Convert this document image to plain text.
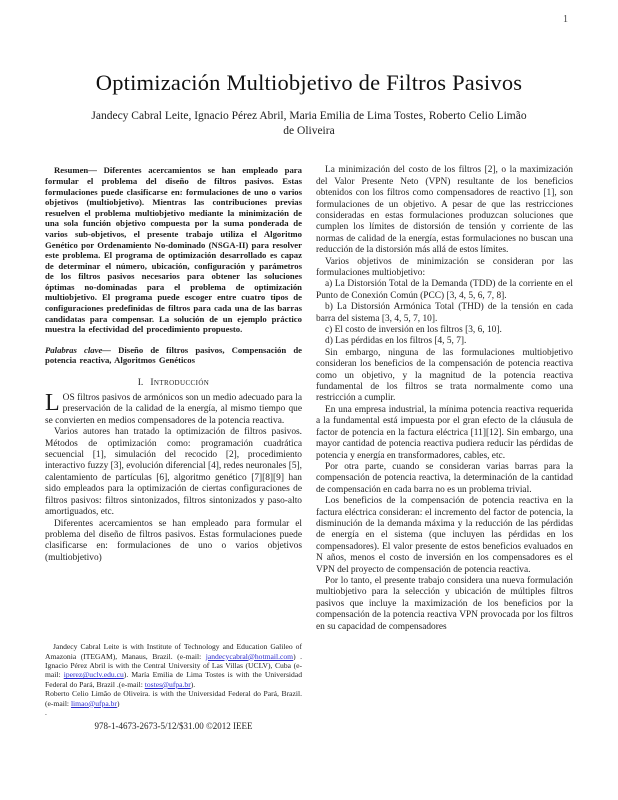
1
Optimización Multiobjetivo de Filtros Pasivos
Jandecy Cabral Leite, Ignacio Pérez Abril, Maria Emilia de Lima Tostes, Roberto Celio Limão de Oliveira

Resumen— Diferentes acercamientos se han empleado para formular el problema del diseño de filtros pasivos. Estas formulaciones puede clasificarse en: formulaciones de uno o varios objetivos (multiobjetivo). Mientras las contribuciones previas resuelven el problema multiobjetivo mediante la minimización de una sola función objetivo compuesta por la suma ponderada de varios sub-objetivos, el presente trabajo utiliza el Algoritmo Genético por Ordenamiento No-dominado (NSGA-II) para resolver este problema. El programa de optimización desarrollado es capaz de determinar el número, ubicación, configuración y parámetros de los filtros pasivos necesarios para obtener las soluciones óptimas no-dominadas para el problema de optimización multiobjetivo. El programa puede escoger entre cuatro tipos de configuraciones predefinidas de filtros para cada una de las barras candidatas para compensar. La solución de un ejemplo práctico muestra la efectividad del procedimiento propuesto.

Palabras clave— Diseño de filtros pasivos, Compensación de potencia reactiva, Algoritmos Genéticos

I. Introducción

LOS filtros pasivos de armónicos son un medio adecuado para la preservación de la calidad de la energía, al mismo tiempo que se convierten en medios compensadores de la potencia reactiva.

Varios autores han tratado la optimización de filtros pasivos. Métodos de optimización como: programación cuadrática secuencial [1], simulación del recocido [2], procedimiento interactivo fuzzy [3], evolución diferencial [4], redes neuronales [5], calentamiento de partículas [6], algoritmo genético [7][8][9] han sido empleados para la optimización de ciertas configuraciones de filtros pasivos: filtros sintonizados, filtros sintonizados y paso-alto amortiguados, etc.

Diferentes acercamientos se han empleado para formular el problema del diseño de filtros pasivos. Estas formulaciones puede clasificarse en: formulaciones de uno o varios objetivos (multiobjetivo)

Jandecy Cabral Leite is with Institute of Technology and Education Galileo of Amazonia (ITEGAM), Manaus, Brazil. (e-mail: jandecycabral@hotmail.com) . Ignacio Pérez Abril is with the Central University of Las Villas (UCLV), Cuba (e-mail: iperez@uclv.edu.cu). María Emilia de Lima Tostes is with the Universidad Federal do Pará, Brazil .(e-mail: tostes@ufpa.br).

Roberto Celio Limão de Oliveira. is with the Universidad Federal do Pará, Brazil.(e-mail: limao@ufpa.br)

.

978-1-4673-2673-5/12/$31.00 ©2012 IEEE

La minimización del costo de los filtros [2], o la maximización del Valor Presente Neto (VPN) resultante de los beneficios obtenidos con los filtros como compensadores de reactivo [1], son formulaciones de un objetivo. A pesar de que las restricciones consideradas en estas formulaciones produzcan soluciones que cumplen los límites de distorsión de tensión y corriente de las normas de calidad de la energía, estas formulaciones no buscan una reducción de la distorsión más allá de estos límites.

Varios objetivos de minimización se consideran por las formulaciones multiobjetivo:

a) La Distorsión Total de la Demanda (TDD) de la corriente en el Punto de Conexión Común (PCC) [3, 4, 5, 6, 7, 8].

b) La Distorsión Armónica Total (THD) de la tensión en cada barra del sistema [3, 4, 5, 7, 10].

c) El costo de inversión en los filtros [3, 6, 10].

d) Las pérdidas en los filtros [4, 5, 7].

Sin embargo, ninguna de las formulaciones multiobjetivo consideran los beneficios de la compensación de potencia reactiva como un objetivo, y la magnitud de la potencia reactiva fundamental de los filtros se trata normalmente como una restricción a cumplir.

En una empresa industrial, la mínima potencia reactiva requerida a la fundamental está impuesta por el gran efecto de la cláusula de factor de potencia en la factura eléctrica [11][12]. Sin embargo, una mayor cantidad de potencia reactiva pudiera reducir las pérdidas de potencia y energía en transformadores, cables, etc.

Por otra parte, cuando se consideran varias barras para la compensación de potencia reactiva, la determinación de la cantidad de compensación en cada barra no es un problema trivial.

Los beneficios de la compensación de potencia reactiva en la factura eléctrica consideran: el incremento del factor de potencia, la disminución de la demanda máxima y la reducción de las pérdidas de energía en el sistema (que incluyen las pérdidas en los compensadores). El valor presente de estos beneficios evaluados en N años, menos el costo de inversión en los compensadores es el VPN del proyecto de compensación de potencia reactiva.

Por lo tanto, el presente trabajo considera una nueva formulación multiobjetivo para la selección y ubicación de múltiples filtros pasivos que incluye la maximización de los beneficios por la compensación de la potencia reactiva VPN provocada por los filtros en su capacidad de compensadores
